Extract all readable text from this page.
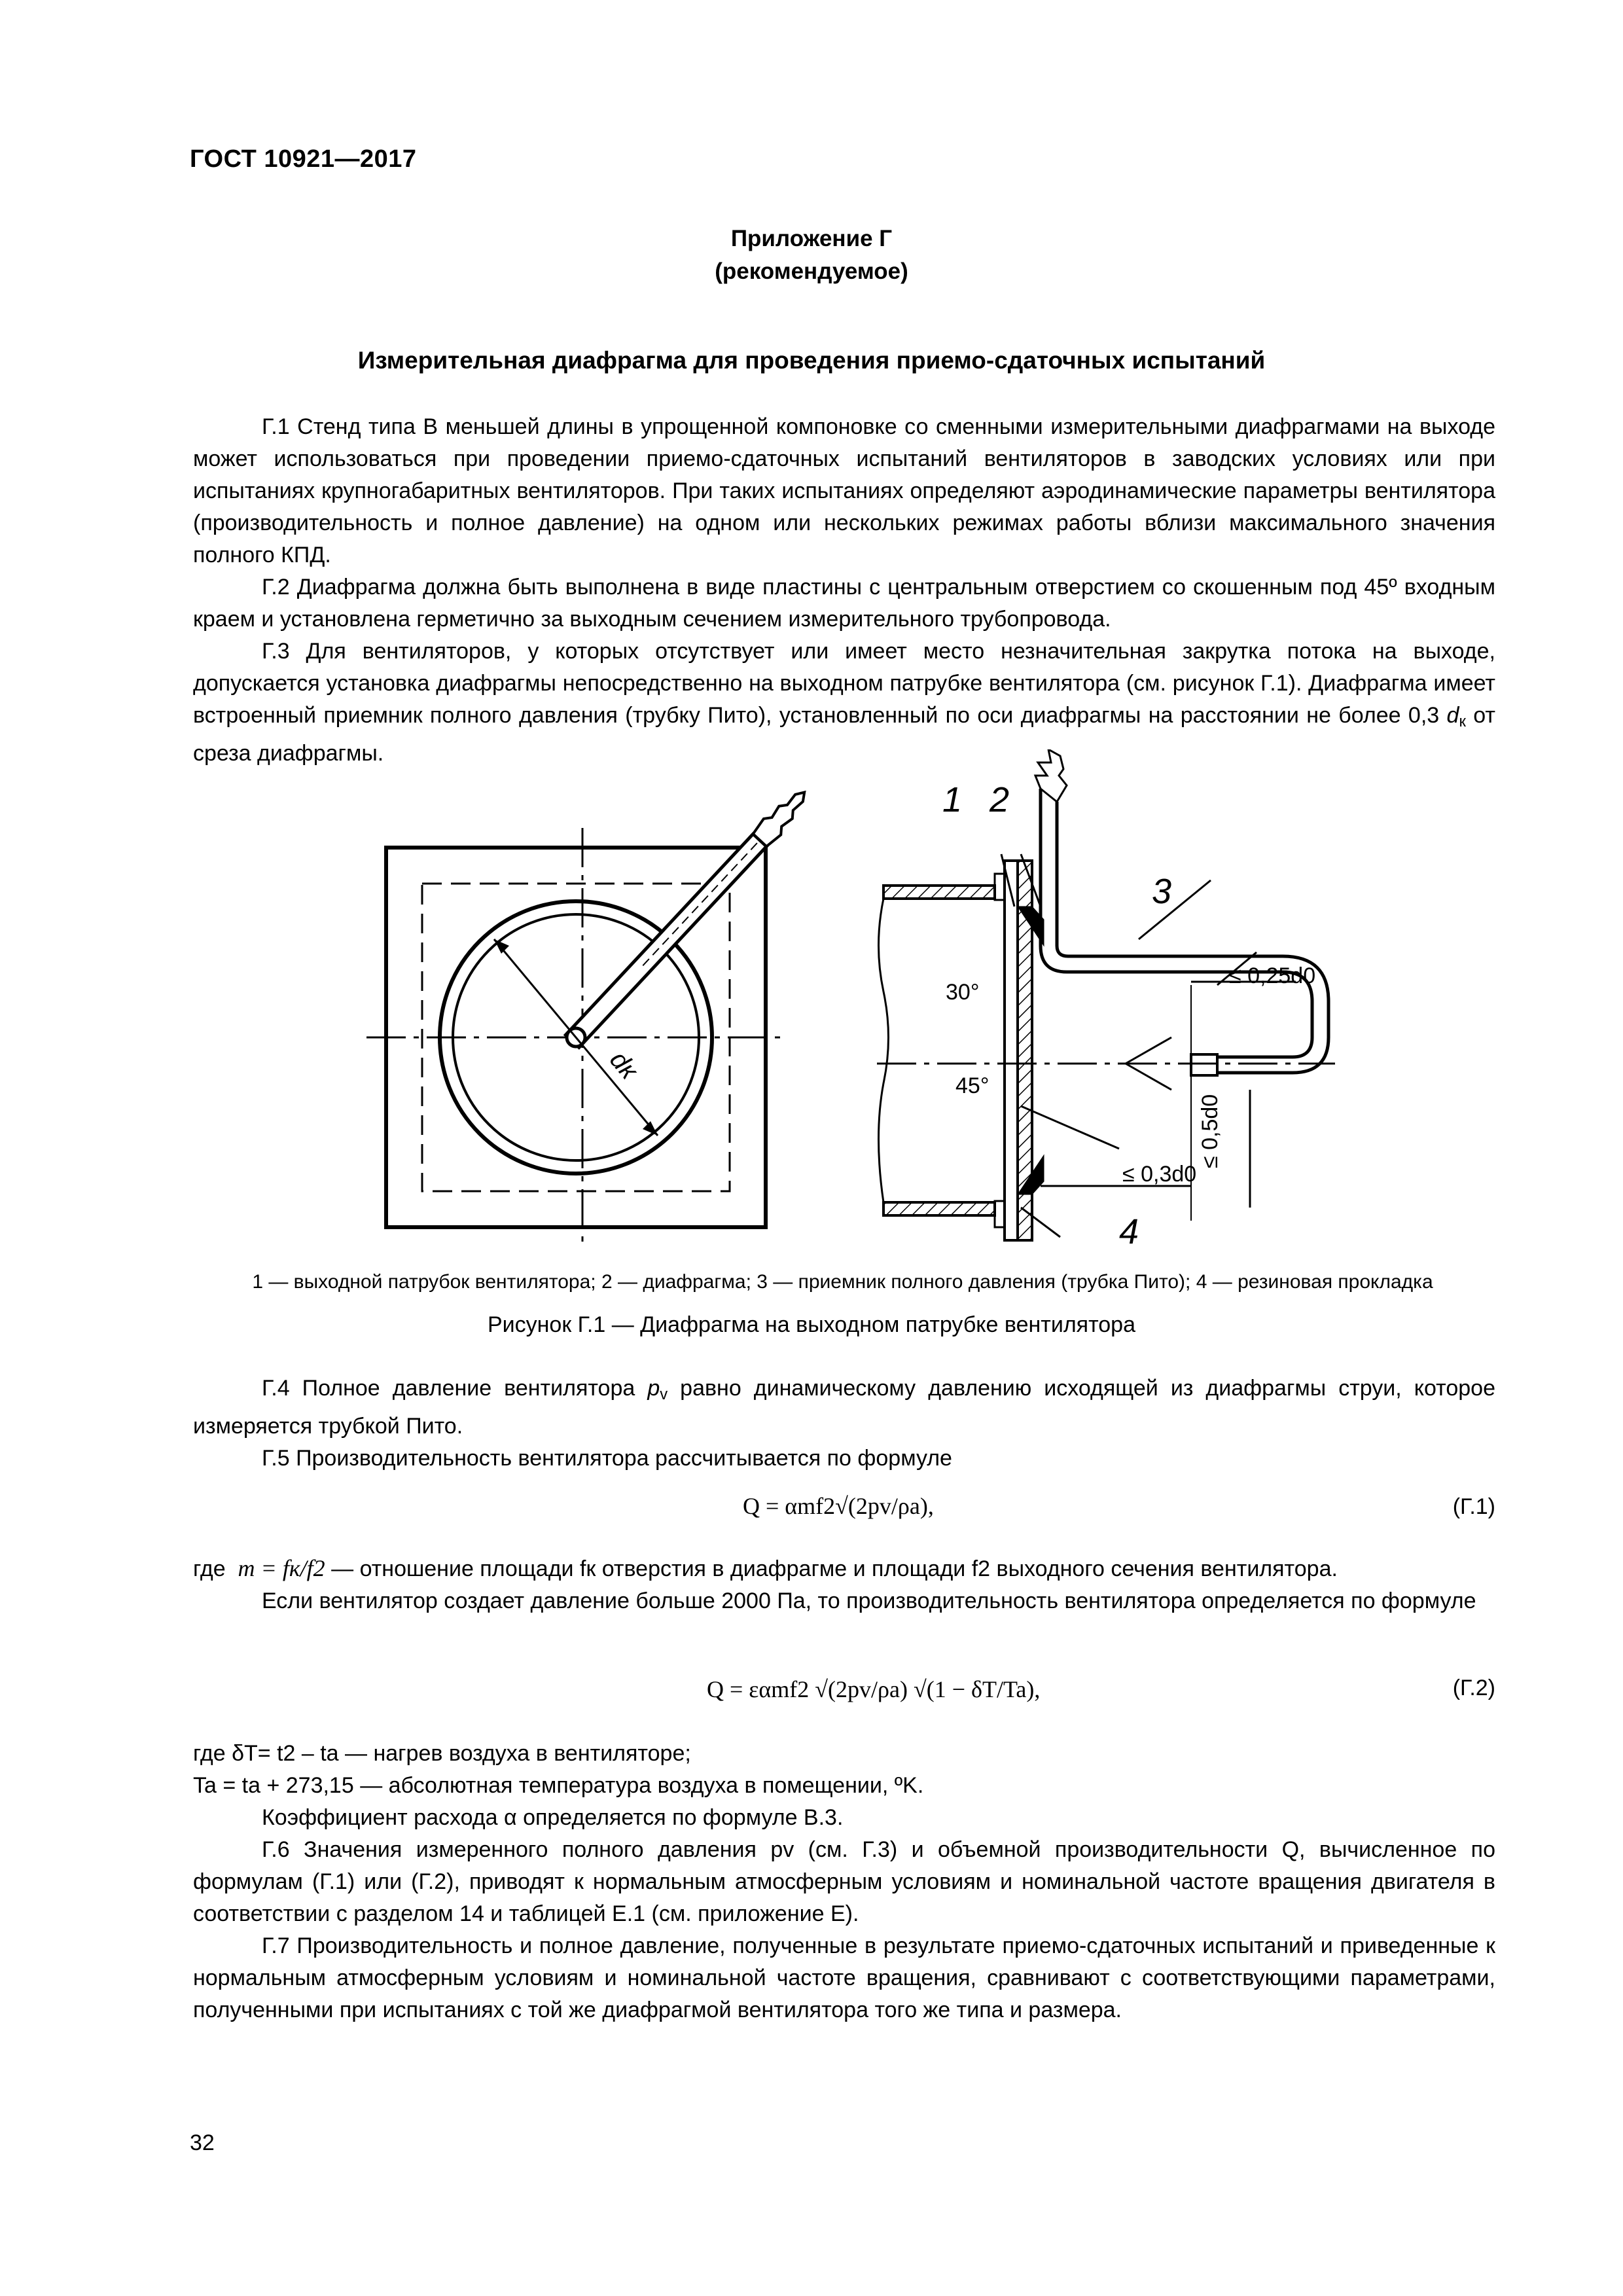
ГОСТ 10921—2017
Приложение Г
(рекомендуемое)
Измерительная диафрагма для проведения приемо-сдаточных испытаний

Г.1 Стенд типа В меньшей длины в упрощенной компоновке со сменными измерительными диафрагмами на выходе может использоваться при проведении приемо-сдаточных испытаний вентиляторов в заводских условиях или при испытаниях крупногабаритных вентиляторов. При таких испытаниях определяют аэродинамические параметры вентилятора (производительность и полное давление) на одном или нескольких режимах работы вблизи максимального значения полного КПД.

Г.2 Диафрагма должна быть выполнена в виде пластины с центральным отверстием со скошенным под 45º входным краем и установлена герметично за выходным сечением измерительного трубопровода.

Г.3 Для вентиляторов, у которых отсутствует или имеет место незначительная закрутка потока на выходе, допускается установка диафрагмы непосредственно на выходном патрубке вентилятора (см. рисунок Г.1). Диафрагма имеет встроенный приемник полного давления (трубку Пито), установленный по оси диафрагмы на расстоянии не более 0,3 $d_к$ от среза диафрагмы.

dк
1 2
3
4
30°
45°
≤ 0,25d0
≤ 0,5d0
≤ 0,3d0
1 — выходной патрубок вентилятора; 2 — диафрагма; 3 — приемник полного давления (трубка Пито); 4 — резиновая прокладка
Рисунок Г.1 — Диафрагма на выходном патрубке вентилятора

Г.4 Полное давление вентилятора $p_v$ равно динамическому давлению исходящей из диафрагмы струи, которое измеряется трубкой Пито.

Г.5 Производительность вентилятора рассчитывается по формуле

Q = αmf2√(2pv/ρa),	(Г.1)

где m = fк/f2 — отношение площади fк отверстия в диафрагме и площади f2 выходного сечения вентилятора.

Если вентилятор создает давление больше 2000 Па, то производительность вентилятора определяется по формуле

Q = εαmf2 √(2pv/ρa) √(1 − δT/Ta),	(Г.2)

где δT= t2 – ta — нагрев воздуха в вентиляторе;

Ta = ta + 273,15 — абсолютная температура воздуха в помещении, ºK.

Коэффициент расхода α определяется по формуле В.3.

Г.6 Значения измеренного полного давления pv (см. Г.3) и объемной производительности Q, вычисленное по формулам (Г.1) или (Г.2), приводят к нормальным атмосферным условиям и номинальной частоте вращения двигателя в соответствии с разделом 14 и таблицей Е.1 (см. приложение Е).

Г.7 Производительность и полное давление, полученные в результате приемо-сдаточных испытаний и приведенные к нормальным атмосферным условиям и номинальной частоте вращения, сравнивают с соответствующими параметрами, полученными при испытаниях с той же диафрагмой вентилятора того же типа и размера.

32
